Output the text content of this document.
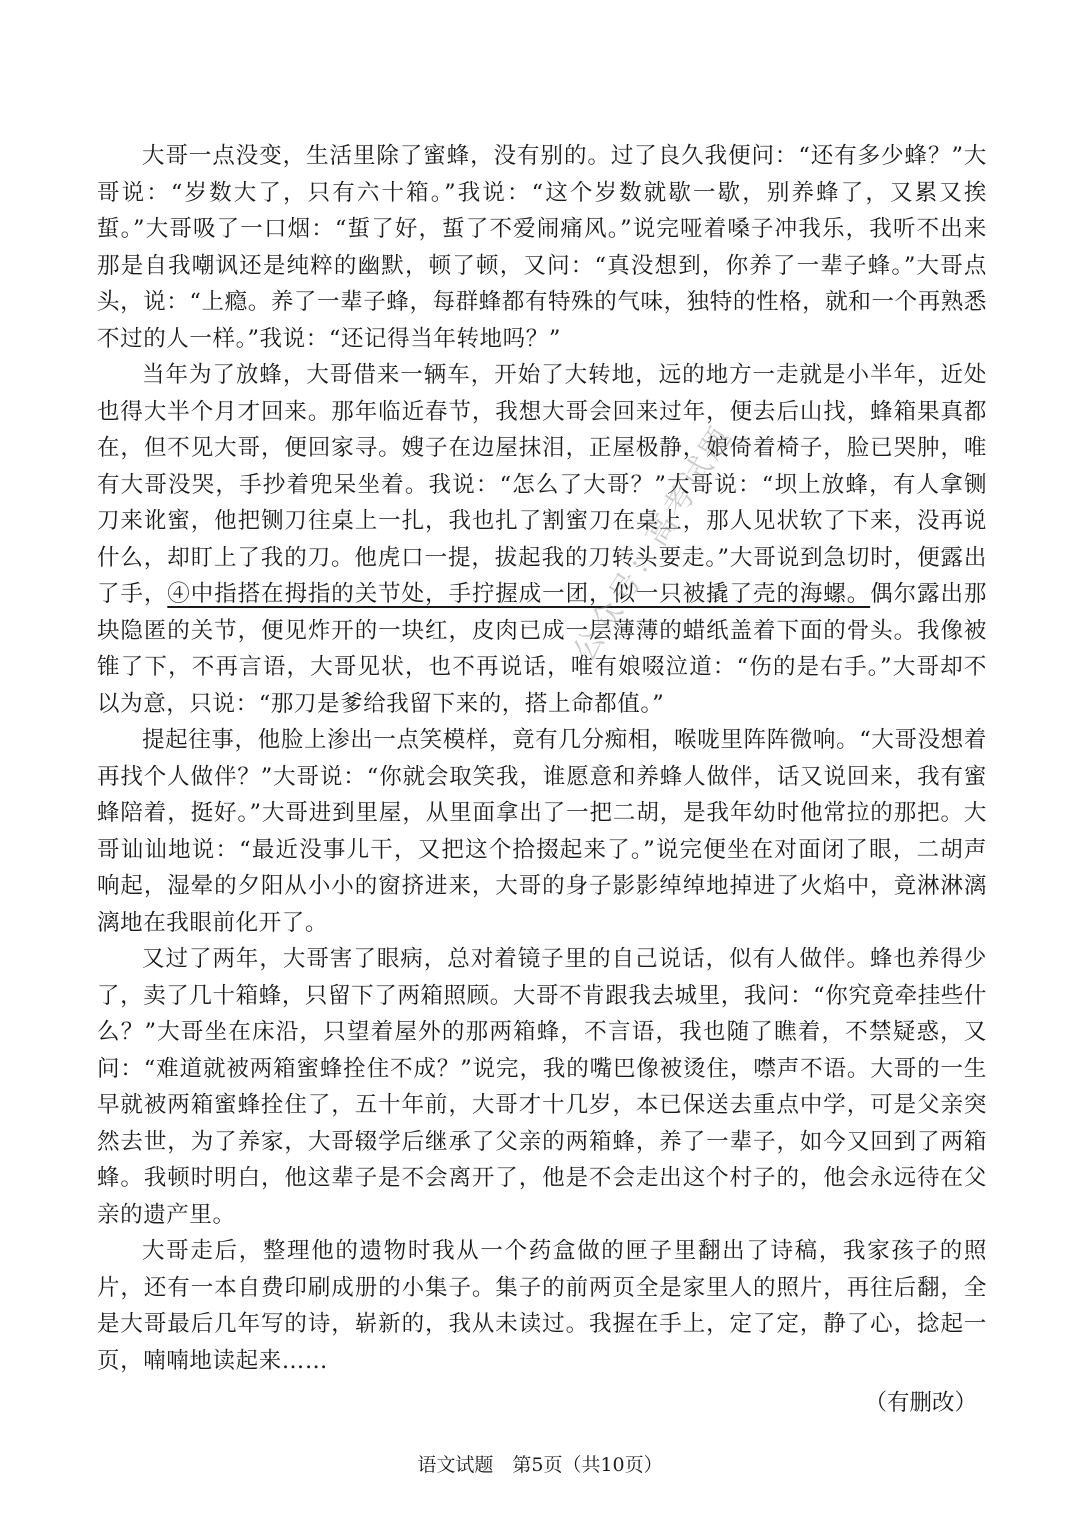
大哥一点没变，生活里除了蜜蜂，没有别的。过了良久我便问：“还有多少蜂？”大哥说：“岁数大了，只有六十箱。”我说：“这个岁数就歇一歇，别养蜂了，又累又挨蜇。”大哥吸了一口烟：“蜇了好，蜇了不爱闹痛风。”说完哑着嗓子冲我乐，我听不出来那是自我嘲讽还是纯粹的幽默，顿了顿，又问：“真没想到，你养了一辈子蜂。”大哥点头，说：“上瘾。养了一辈子蜂，每群蜂都有特殊的气味，独特的性格，就和一个再熟悉不过的人一样。”我说：“还记得当年转地吗？”

当年为了放蜂，大哥借来一辆车，开始了大转地，远的地方一走就是小半年，近处也得大半个月才回来。那年临近春节，我想大哥会回来过年，便去后山找，蜂箱果真都在，但不见大哥，便回家寻。嫂子在边屋抹泪，正屋极静，娘倚着椅子，脸已哭肿，唯有大哥没哭，手抄着兜呆坐着。我说：“怎么了大哥？”大哥说：“坝上放蜂，有人拿铡刀来讹蜜，他把铡刀往桌上一扎，我也扎了割蜜刀在桌上，那人见状软了下来，没再说什么，却盯上了我的刀。他虎口一提，拔起我的刀转头要走。”大哥说到急切时，便露出了手，④中指搭在拇指的关节处，手拧握成一团，似一只被撬了壳的海螺。偶尔露出那块隐匿的关节，便见炸开的一块红，皮肉已成一层薄薄的蜡纸盖着下面的骨头。我像被锥了下，不再言语，大哥见状，也不再说话，唯有娘啜泣道：“伤的是右手。”大哥却不以为意，只说：“那刀是爹给我留下来的，搭上命都值。”

提起往事，他脸上渗出一点笑模样，竟有几分痴相，喉咙里阵阵微响。“大哥没想着再找个人做伴？”大哥说：“你就会取笑我，谁愿意和养蜂人做伴，话又说回来，我有蜜蜂陪着，挺好。”大哥进到里屋，从里面拿出了一把二胡，是我年幼时他常拉的那把。大哥讪讪地说：“最近没事儿干，又把这个拾掇起来了。”说完便坐在对面闭了眼，二胡声响起，湿晕的夕阳从小小的窗挤进来，大哥的身子影影绰绰地掉进了火焰中，竟淋淋漓漓地在我眼前化开了。

又过了两年，大哥害了眼病，总对着镜子里的自己说话，似有人做伴。蜂也养得少了，卖了几十箱蜂，只留下了两箱照顾。大哥不肯跟我去城里，我问：“你究竟牵挂些什么？”大哥坐在床沿，只望着屋外的那两箱蜂，不言语，我也随了瞧着，不禁疑惑，又问：“难道就被两箱蜜蜂拴住不成？”说完，我的嘴巴像被烫住，噤声不语。大哥的一生早就被两箱蜜蜂拴住了，五十年前，大哥才十几岁，本已保送去重点中学，可是父亲突然去世，为了养家，大哥辍学后继承了父亲的两箱蜂，养了一辈子，如今又回到了两箱蜂。我顿时明白，他这辈子是不会离开了，他是不会走出这个村子的，他会永远待在父亲的遗产里。

大哥走后，整理他的遗物时我从一个药盒做的匣子里翻出了诗稿，我家孩子的照片，还有一本自费印刷成册的小集子。集子的前两页全是家里人的照片，再往后翻，全是大哥最后几年写的诗，崭新的，我从未读过。我握在手上，定了定，静了心，捻起一页，喃喃地读起来……

（有删改）
公众号：高考试题
语文试题　第5页（共10页）
